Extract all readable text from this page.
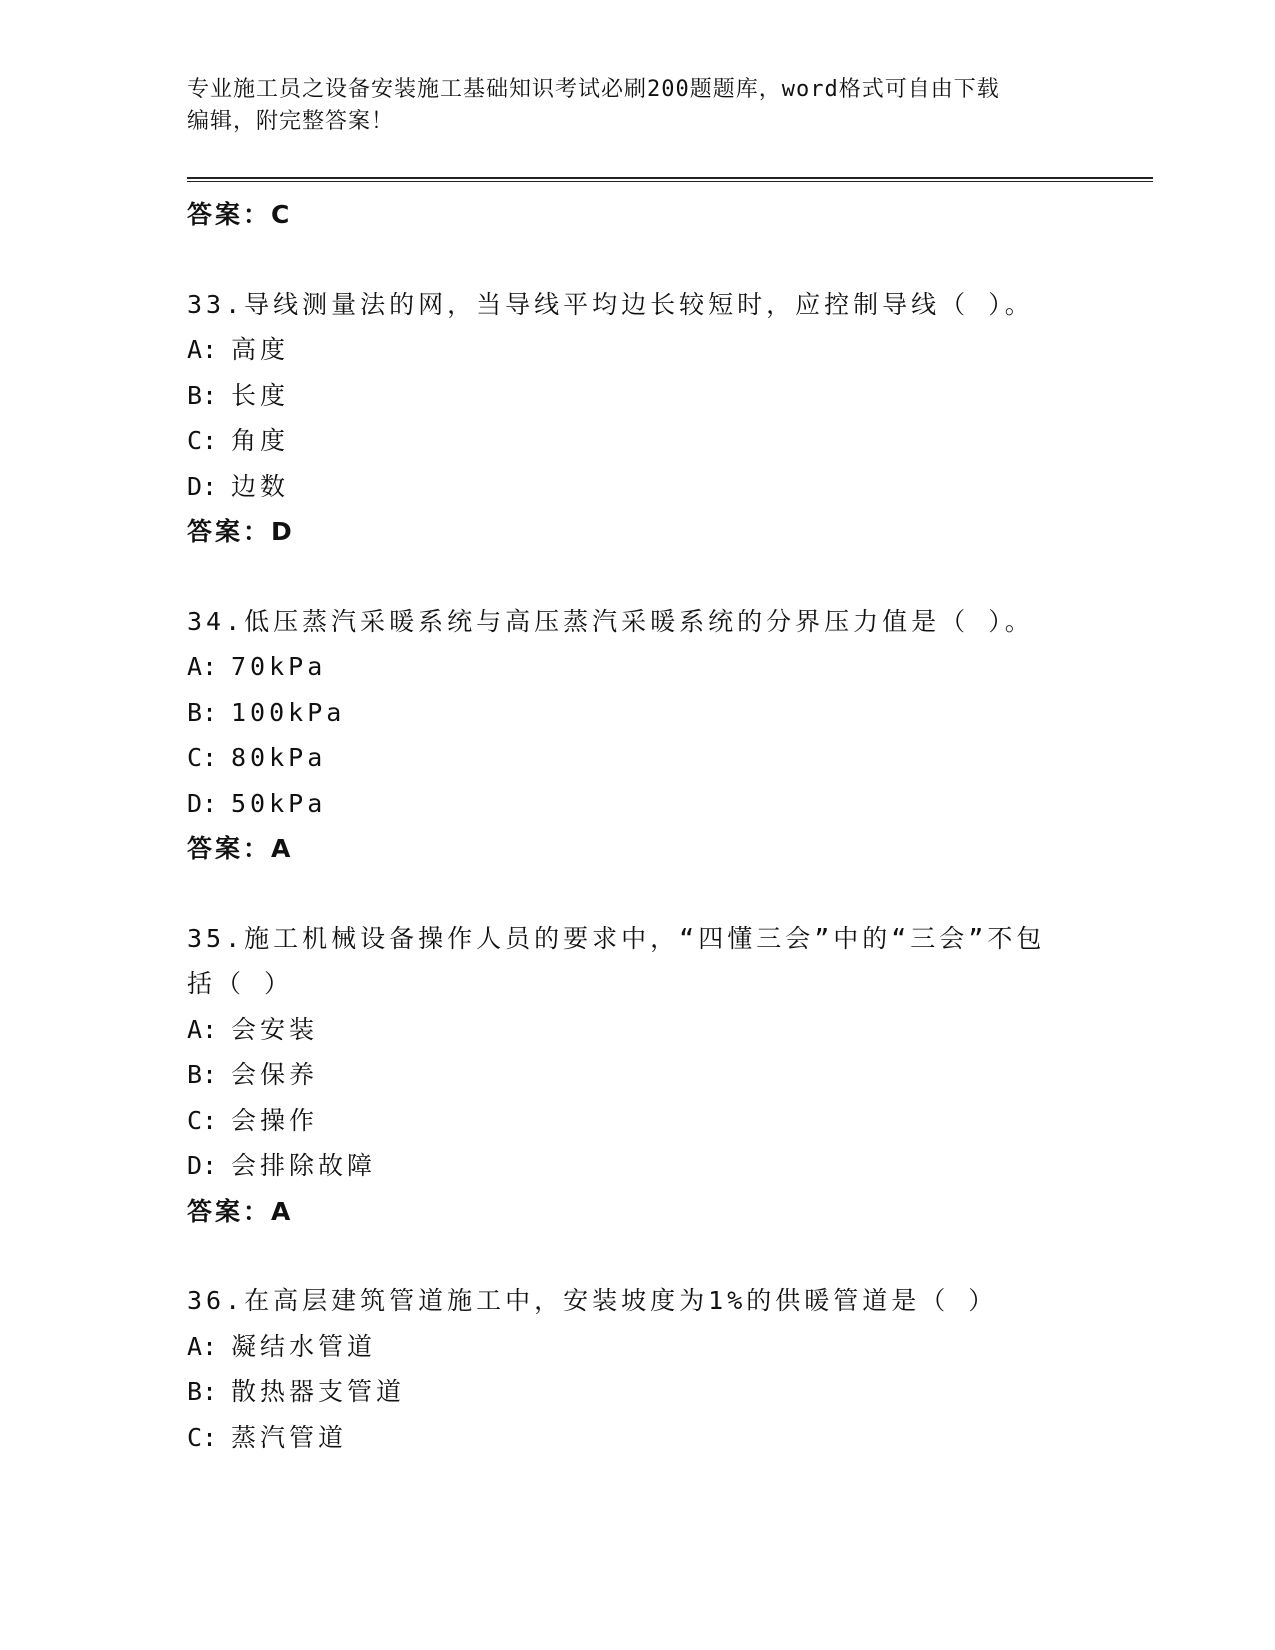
专业施工员之设备安装施工基础知识考试必刷200题题库，word格式可自由下载
编辑，附完整答案！
答案：C
33.导线测量法的网，当导线平均边长较短时，应控制导线（ ）。
A: 高度
B: 长度
C: 角度
D: 边数
答案：D
34.低压蒸汽采暖系统与高压蒸汽采暖系统的分界压力值是（ ）。
A: 70kPa
B: 100kPa
C: 80kPa
D: 50kPa
答案：A
35.施工机械设备操作人员的要求中，“四懂三会”中的“三会”不包
括（ ）
A: 会安装
B: 会保养
C: 会操作
D: 会排除故障
答案：A
36.在高层建筑管道施工中，安装坡度为1%的供暖管道是（ ）
A: 凝结水管道
B: 散热器支管道
C: 蒸汽管道
